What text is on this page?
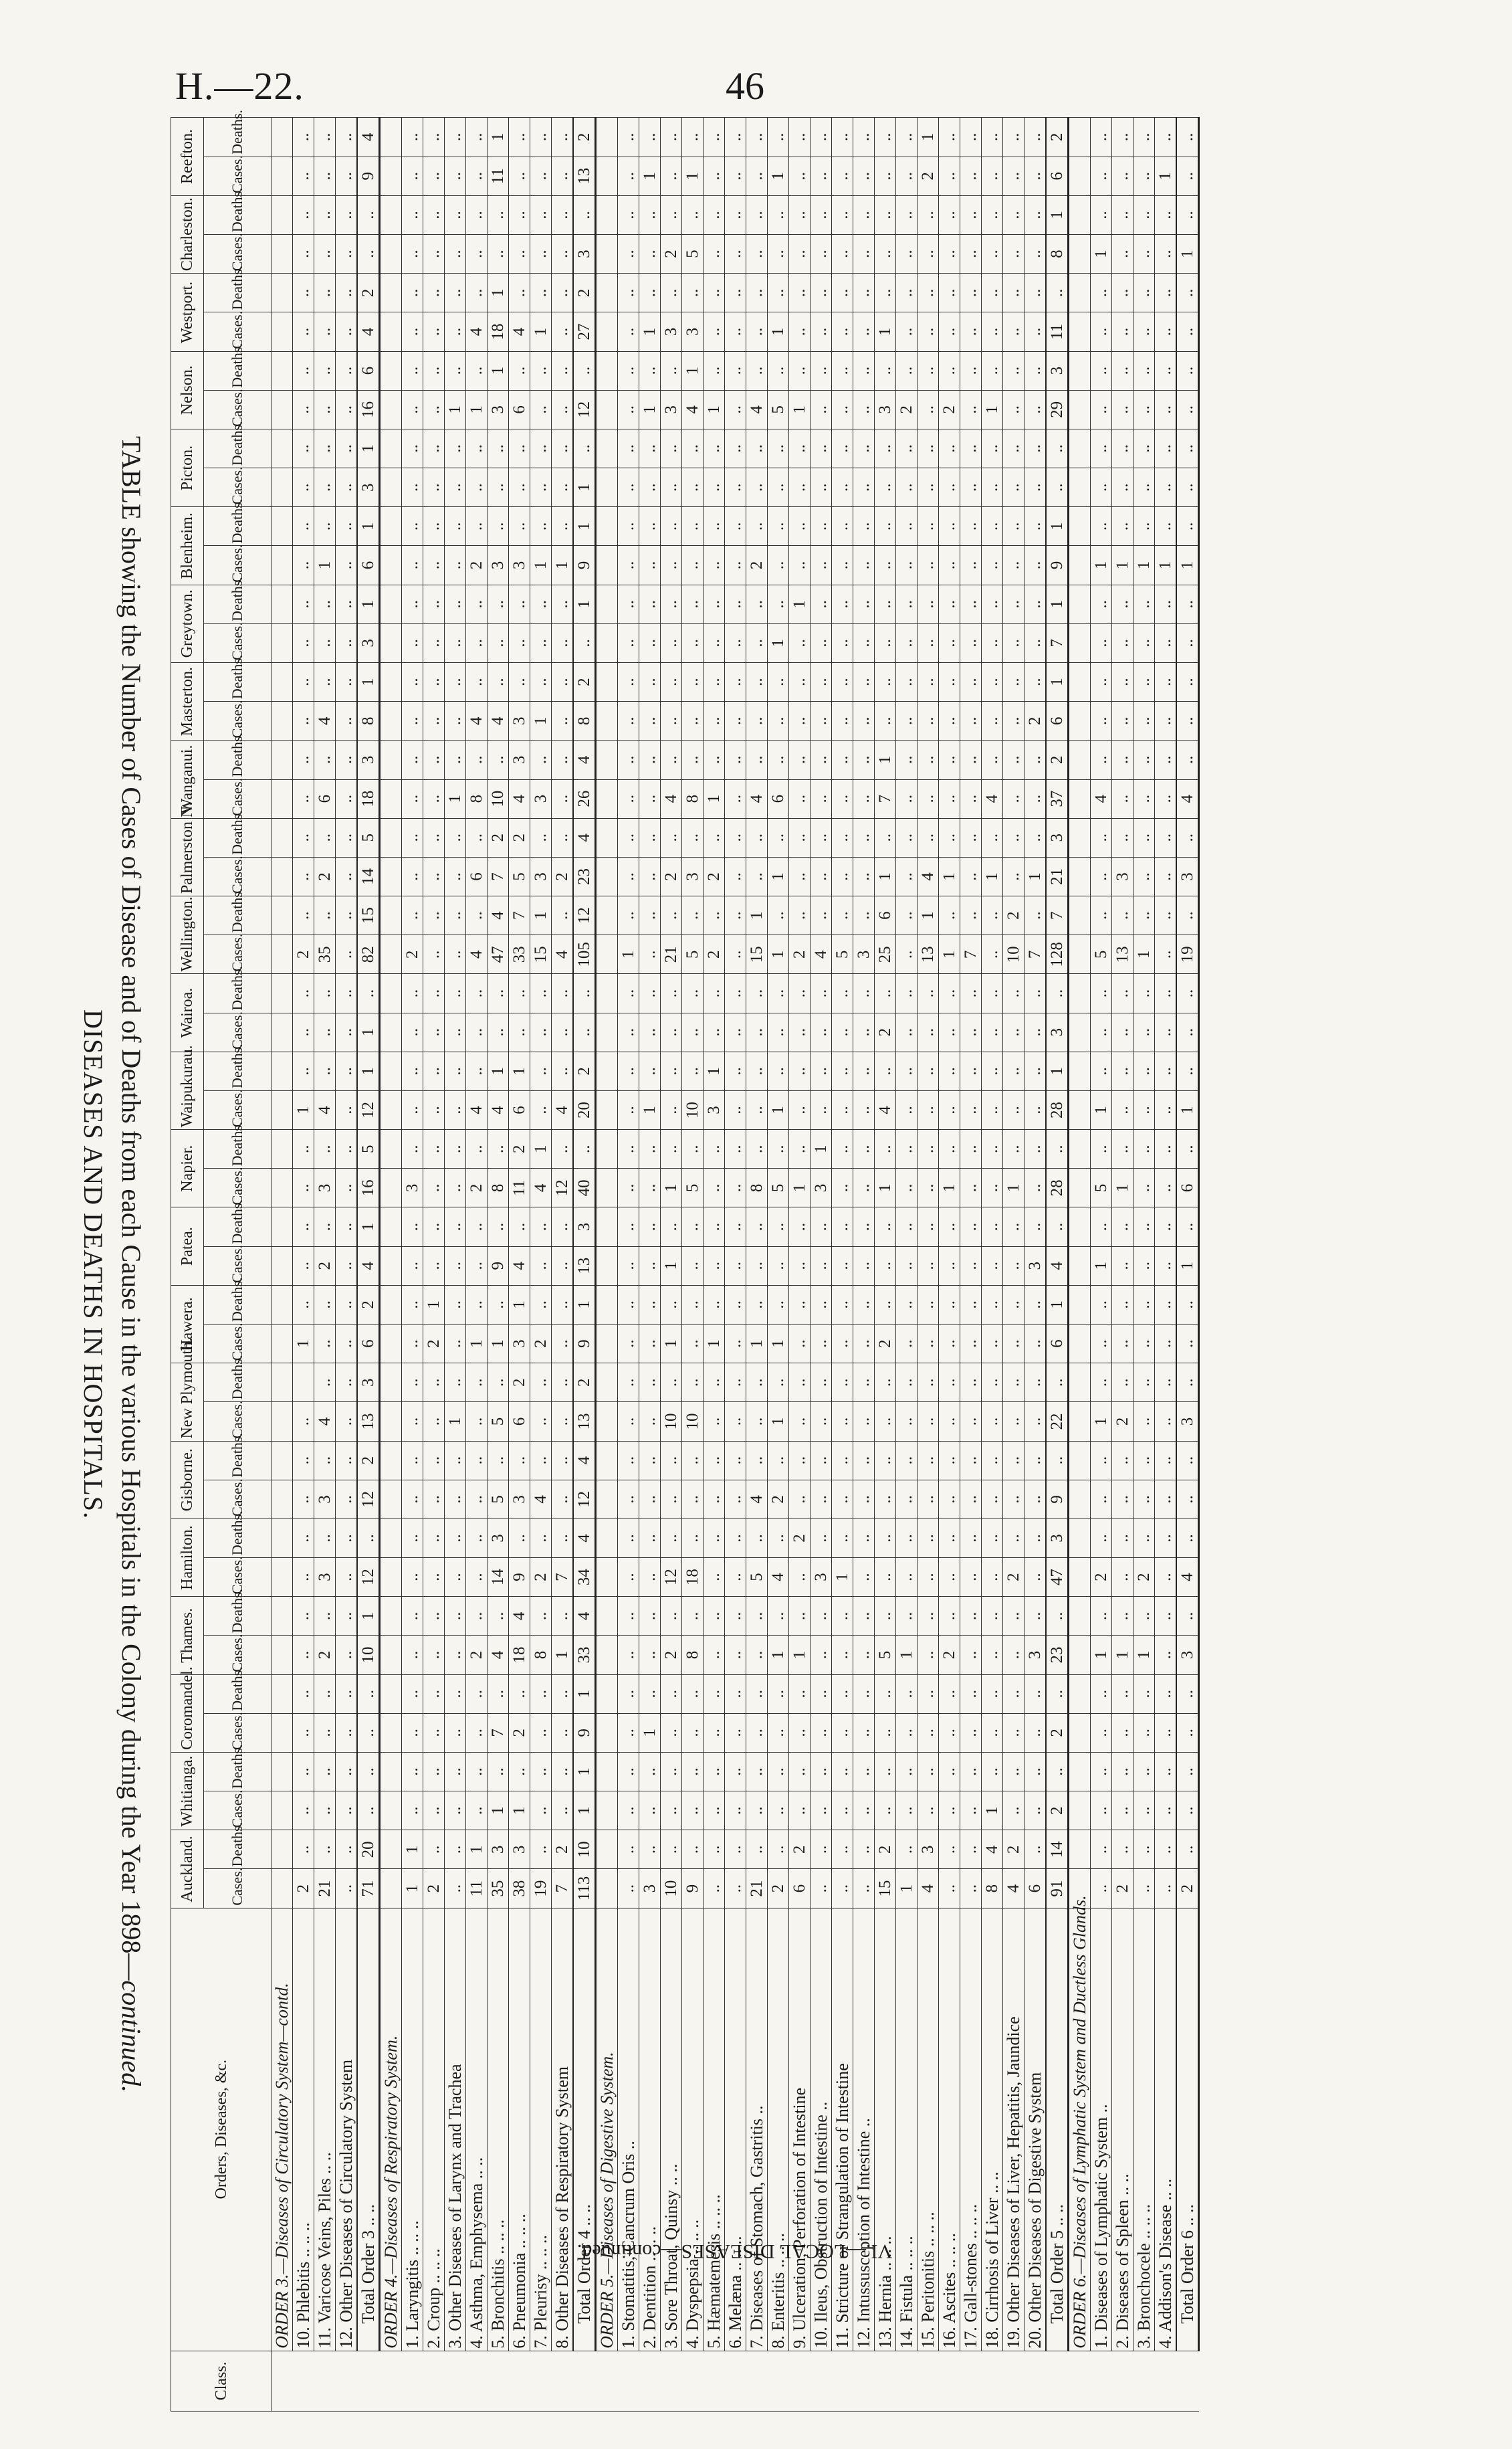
H.—22.	46
TABLE showing the Number of Cases of Disease and of Deaths from each Cause in the various Hospitals in the Colony during the Year 1898—continued.
DISEASES AND DEATHS IN HOSPITALS.
Class.	Orders, Diseases, &c.	Auckland.		Whitianga.		Coromandel.		Thames.		Hamilton.		Gisborne.		New Plymouth.		Hawera.		Patea.		Napier.		Waipukurau.		Wairoa.		Wellington.		Palmerston N.		Wanganui.		Masterton.		Greytown.		Blenheim.		Picton.		Nelson.		Westport.		Charleston.		Reefton.	
		Cases.	Deaths.	Cases.	Deaths.	Cases.	Deaths.	Cases.	Deaths.	Cases.	Deaths.	Cases.	Deaths.	Cases.	Deaths.	Cases.	Deaths.	Cases.	Deaths.	Cases.	Deaths.	Cases.	Deaths.	Cases.	Deaths.	Cases.	Deaths.	Cases.	Deaths.	Cases.	Deaths.	Cases.	Deaths.	Cases.	Deaths.	Cases.	Deaths.	Cases.	Deaths.	Cases.	Deaths.	Cases.	Deaths.	Cases.	Deaths.	Cases.	Deaths.
VI.—LOCAL DISEASES—continued.	ORDER 3.—Diseases of Circulatory System—contd.																																														
	10. Phlebitis .. .. ..	2	..	..	..	..	..	..	..	..	..	..	..	..		1	..	..	..	..	..	1	..	..	..	2	..	..	..	..	..	..	..	..	..	..	..	..	..	..	..	..	..	..	..	..	..
	11. Varicose Veins, Piles .. ..	21	..	..	..	..	..	2	..	3	..	3	..	4	..	..	..	2	..	3	..	4	..	..	..	35	..	2	..	6	..	4	..	..	..	1	..	..	..	..	..	..	..	..	..	..	..
	12. Other Diseases of Circulatory System	..	..	..	..	..	..	..	..	..	..	..	..	..	..	..	..	..	..	..	..	..	..	..	..	..	..	..	..	..	..	..	..	..	..	..	..	..	..	..	..	..	..	..	..	..	..
	Total Order 3 .. ..	71	20	..	..	..	..	10	1	12	..	12	2	13	3	6	2	4	1	16	5	12	1	1	..	82	15	14	5	18	3	8	1	3	1	6	1	3	1	16	6	4	2	..	..	9	4
	ORDER 4.—Diseases of Respiratory System.																																														
	1. Laryngitis .. .. ..	1	1	..	..	..	..	..	..	..	..	..	..	..	..	..	..	..	..	3	..	..	..	..	..	2	..	..	..	..	..	..	..	..	..	..	..	..	..	..	..	..	..	..	..	..	..
	2. Croup .. .. ..	2	..	..	..	..	..	..	..	..	..	..	..	..	..	2	1	..	..	..	..	..	..	..	..	..	..	..	..	..	..	..	..	..	..	..	..	..	..	..	..	..	..	..	..	..	..
	3. Other Diseases of Larynx and Trachea	..	..	..	..	..	..	..	..	..	..	..	..	1	..	..	..	..	..	..	..	..	..	..	..	..	..	..	..	1	..	..	..	..	..	..	..	..	..	1	..	..	..	..	..	..	..
	4. Asthma, Emphysema .. ..	11	1	..	..	..	..	2	..	..	..	..	..	..	..	1	..	..	..	2	..	4	..	..	..	4	..	6	..	8	..	4	..	..	..	2	..	..	..	1	..	4	..	..	..	..	..
	5. Bronchitis .. .. ..	35	3	1	..	7	..	4	..	14	3	5	..	5	..	1	..	9	..	8	..	4	1	..	..	47	4	7	2	10	..	4	..	..	..	3	..	..	..	3	1	18	1	..	..	11	1
	6. Pneumonia .. .. ..	38	3	1	..	2	..	18	4	9	..	3	..	6	2	3	1	4	..	11	2	6	1	..	..	33	7	5	2	4	3	3	..	..	..	3	..	..	..	6	..	4	..	..	..	..	..
	7. Pleurisy .. .. ..	19	..	..	..	..	..	8	..	2	..	4	..	..	..	2	..	..	..	4	1	..	..	..	..	15	1	3	..	3	..	1	..	..	..	1	..	..	..	..	..	1	..	..	..	..	..
	8. Other Diseases of Respiratory System	7	2	..	..	..	..	1	..	7	..	..	..	..	..	..	..	..	..	12	..	4	..	..	..	4	..	2	..	..	..	..	..	..	..	1	..	..	..	..	..	..	..	..	..	..	..
	Total Order 4 .. ..	113	10	1	1	9	1	33	4	34	4	12	4	13	2	9	1	13	3	40	..	20	2	..	..	105	12	23	4	26	4	8	2	..	1	9	1	1	..	12	..	27	2	3	..	13	2
	ORDER 5.—Diseases of Digestive System.																																														
	1. Stomatitis, Cancrum Oris ..	..	..	..	..	..	..	..	..	..	..	..	..	..	..	..	..	..	..	..	..	..	..	..	..	1	..	..	..	..	..	..	..	..	..	..	..	..	..	..	..	..	..	..	..	..	..
	2. Dentition .. .. ..	3	..	..	..	1	..	..	..	..	..	..	..	..	..	..	..	..	..	..	..	1	..	..	..	..	..	..	..	..	..	..	..	..	..	..	..	..	..	1	..	1	..	..	..	1	..
	3. Sore Throat, Quinsy .. ..	10	..	..	..	..	..	2	..	12	..	..	..	10	..	1	..	1	..	1	..	..	..	..	..	21	..	2	..	4	..	..	..	..	..	..	..	..	..	3	..	3	..	2	..	..	..
	4. Dyspepsia .. .. ..	9	..	..	..	..	..	8	..	18	..	..	..	10	..	..	..	..	..	5	..	10	..	..	..	5	..	3	..	8	..	..	..	..	..	..	..	..	..	4	1	3	..	5	..	1	..
	5. Hæmatemesis .. .. ..	..	..	..	..	..	..	..	..	..	..	..	..	..	..	1	..	..	..	..	..	3	1	..	..	2	..	2	..	1	..	..	..	..	..	..	..	..	..	1	..	..	..	..	..	..	..
	6. Melæna .. .. ..	..	..	..	..	..	..	..	..	..	..	..	..	..	..	..	..	..	..	..	..	..	..	..	..	..	..	..	..	..	..	..	..	..	..	..	..	..	..	..	..	..	..	..	..	..	..
	7. Diseases of Stomach, Gastritis ..	21	..	..	..	..	..	..	..	5	..	4	..	..	..	1	..	..	..	8	..	..	..	..	..	15	1	..	..	4	..	..	..	..	..	2	..	..	..	4	..	..	..	..	..	..	..
	8. Enteritis .. .. ..	2	..	..	..	..	..	1	..	4	..	2	..	1	..	1	..	..	..	5	..	1	..	..	..	1	..	1	..	6	..	..	..	1	..	..	..	..	..	5	..	1	..	..	..	1	..
	9. Ulceration, Perforation of Intestine	6	2	..	..	..	..	1	..	..	2	..	..	..	..	..	..	..	..	1	..	..	..	..	..	2	..	..	..	..	..	..	..	..	1	..	..	..	..	1	..	..	..	..	..	..	..
	10. Ileus, Obstruction of Intestine ..	..	..	..	..	..	..	..	..	3	..	..	..	..	..	..	..	..	..	3	1	..	..	..	..	4	..	..	..	..	..	..	..	..	..	..	..	..	..	..	..	..	..	..	..	..	..
	11. Stricture or Strangulation of Intestine	..	..	..	..	..	..	..	..	1	..	..	..	..	..	..	..	..	..	..	..	..	..	..	..	5	..	..	..	..	..	..	..	..	..	..	..	..	..	..	..	..	..	..	..	..	..
	12. Intussusception of Intestine ..	..	..	..	..	..	..	..	..	..	..	..	..	..	..	..	..	..	..	..	..	..	..	..	..	3	..	..	..	..	..	..	..	..	..	..	..	..	..	..	..	..	..	..	..	..	..
	13. Hernia .. .. ..	15	2	..	..	..	..	5	..	..	..	..	..	..	..	2	..	..	..	1	..	4	..	2	..	25	6	1	..	7	1	..	..	..	..	..	..	..	..	3	..	1	..	..	..	..	..
	14. Fistula .. .. ..	1	..	..	..	..	..	1	..	..	..	..	..	..	..	..	..	..	..	..	..	..	..	..	..	..	..	..	..	..	..	..	..	..	..	..	..	..	..	2	..	..	..	..	..	..	..
	15. Peritonitis .. .. ..	4	3	..	..	..	..	..	..	..	..	..	..	..	..	..	..	..	..	..	..	..	..	..	..	13	1	4	..	..	..	..	..	..	..	..	..	..	..	..	..	..	..	..	..	2	1
	16. Ascites .. .. ..	..	..	..	..	..	..	2	..	..	..	..	..	..	..	..	..	..	..	1	..	..	..	..	..	1	..	1	..	..	..	..	..	..	..	..	..	..	..	2	..	..	..	..	..	..	..
	17. Gall-stones .. .. ..	..	..	..	..	..	..	..	..	..	..	..	..	..	..	..	..	..	..	..	..	..	..	..	..	7	..	..	..	..	..	..	..	..	..	..	..	..	..	..	..	..	..	..	..	..	..
	18. Cirrhosis of Liver .. ..	8	4	1	..	..	..	..	..	..	..	..	..	..	..	..	..	..	..	..	..	..	..	..	..	..	..	1	..	4	..	..	..	..	..	..	..	..	..	1	..	..	..	..	..	..	..
	19. Other Diseases of Liver, Hepatitis, Jaundice	4	2	..	..	..	..	..	..	2	..	..	..	..	..	..	..	..	..	1	..	..	..	..	..	10	2	..	..	..	..	..	..	..	..	..	..	..	..	..	..	..	..	..	..	..	..
	20. Other Diseases of Digestive System	6	..	..	..	..	..	3	..	..	..	..	..	..	..	..	..	3	..	..	..	..	..	..	..	7	..	1	..	..	..	2	..	..	..	..	..	..	..	..	..	..	..	..	..	..	..
	Total Order 5 .. ..	91	14	2	..	2	..	23	..	47	3	9	..	22	..	6	1	4	..	28	..	28	1	3	..	128	7	21	3	37	2	6	1	7	1	9	1	..	..	29	3	11	..	8	1	6	2
	ORDER 6.—Diseases of Lymphatic System and Ductless Glands.																																														
	1. Diseases of Lymphatic System ..	..	..	..	..	..	..	1	..	2	..	..	..	1	..	..	..	1	..	5	..	1	..	..	..	5	..	..	..	4	..	..	..	..	..	1	..	..	..	..	..	..	..	1	..	..	..
	2. Diseases of Spleen .. ..	2	..	..	..	..	..	1	..	..	..	..	..	2	..	..	..	..	..	1	..	..	..	..	..	13	..	3	..	..	..	..	..	..	..	1	..	..	..	..	..	..	..	..	..	..	..
	3. Bronchocele .. .. ..	..	..	..	..	..	..	1	..	2	..	..	..	..	..	..	..	..	..	..	..	..	..	..	..	1	..	..	..	..	..	..	..	..	..	1	..	..	..	..	..	..	..	..	..	..	..
	4. Addison's Disease .. ..	..	..	..	..	..	..	..	..	..	..	..	..	..	..	..	..	..	..	..	..	..	..	..	..	..	..	..	..	..	..	..	..	..	..	1	..	..	..	..	..	..	..	..	..	1	..
	Total Order 6 .. ..	2	..	..	..	..	..	3	..	4	..	..	..	3	..	..	..	1	..	6	..	1	..	..	..	19	..	3	..	4	..	..	..	..	..	1	..	..	..	..	..	..	..	1	..	..	..
